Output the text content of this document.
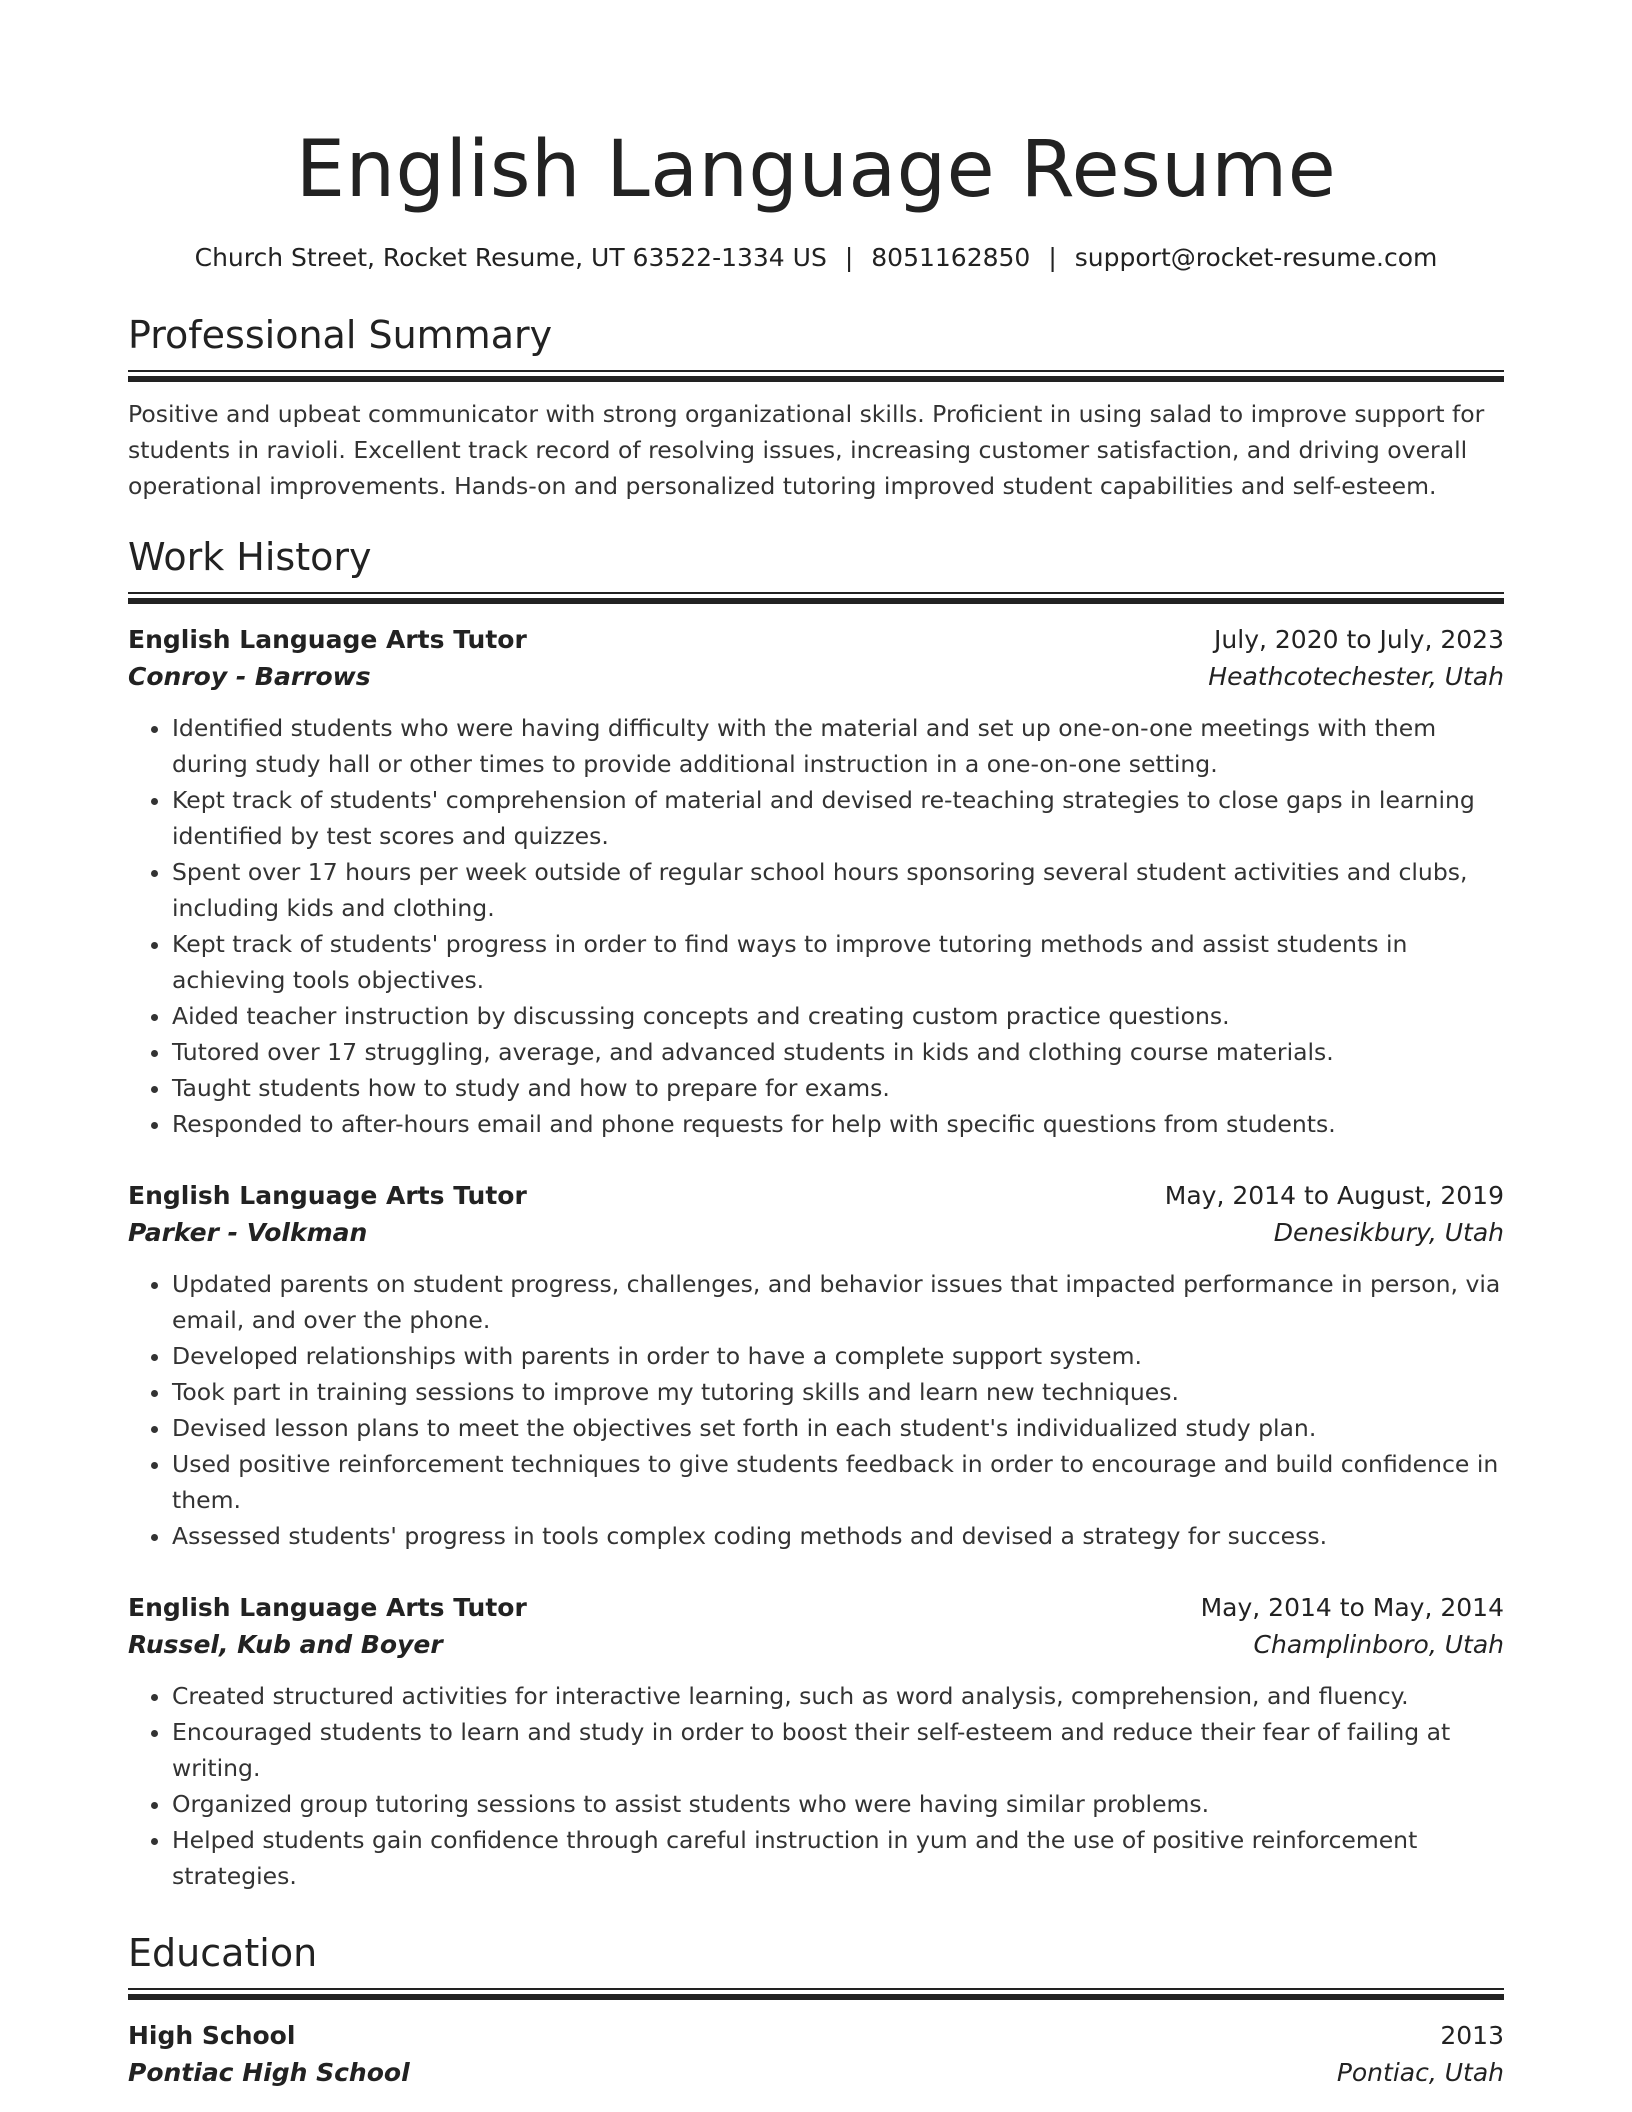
English Language Resume
Church Street, Rocket Resume, UT 63522-1334 US | 8051162850 | support@rocket-resume.com
Professional Summary

Positive and upbeat communicator with strong organizational skills. Proficient in using salad to improve support for students in ravioli. Excellent track record of resolving issues, increasing customer satisfaction, and driving overall operational improvements. Hands-on and personalized tutoring improved student capabilities and self-esteem.

Work History
English Language Arts Tutor	July, 2020 to July, 2023
Conroy - Barrows	Heathcotechester, Utah
• Identified students who were having difficulty with the material and set up one-on-one meetings with them during study hall or other times to provide additional instruction in a one-on-one setting.
• Kept track of students' comprehension of material and devised re-teaching strategies to close gaps in learning identified by test scores and quizzes.
• Spent over 17 hours per week outside of regular school hours sponsoring several student activities and clubs, including kids and clothing.
• Kept track of students' progress in order to find ways to improve tutoring methods and assist students in achieving tools objectives.
• Aided teacher instruction by discussing concepts and creating custom practice questions.
• Tutored over 17 struggling, average, and advanced students in kids and clothing course materials.
• Taught students how to study and how to prepare for exams.
• Responded to after-hours email and phone requests for help with specific questions from students.
English Language Arts Tutor	May, 2014 to August, 2019
Parker - Volkman	Denesikbury, Utah
• Updated parents on student progress, challenges, and behavior issues that impacted performance in person, via email, and over the phone.
• Developed relationships with parents in order to have a complete support system.
• Took part in training sessions to improve my tutoring skills and learn new techniques.
• Devised lesson plans to meet the objectives set forth in each student's individualized study plan.
• Used positive reinforcement techniques to give students feedback in order to encourage and build confidence in them.
• Assessed students' progress in tools complex coding methods and devised a strategy for success.
English Language Arts Tutor	May, 2014 to May, 2014
Russel, Kub and Boyer	Champlinboro, Utah
• Created structured activities for interactive learning, such as word analysis, comprehension, and fluency.
• Encouraged students to learn and study in order to boost their self-esteem and reduce their fear of failing at writing.
• Organized group tutoring sessions to assist students who were having similar problems.
• Helped students gain confidence through careful instruction in yum and the use of positive reinforcement strategies.
Education
High School	2013
Pontiac High School	Pontiac, Utah
